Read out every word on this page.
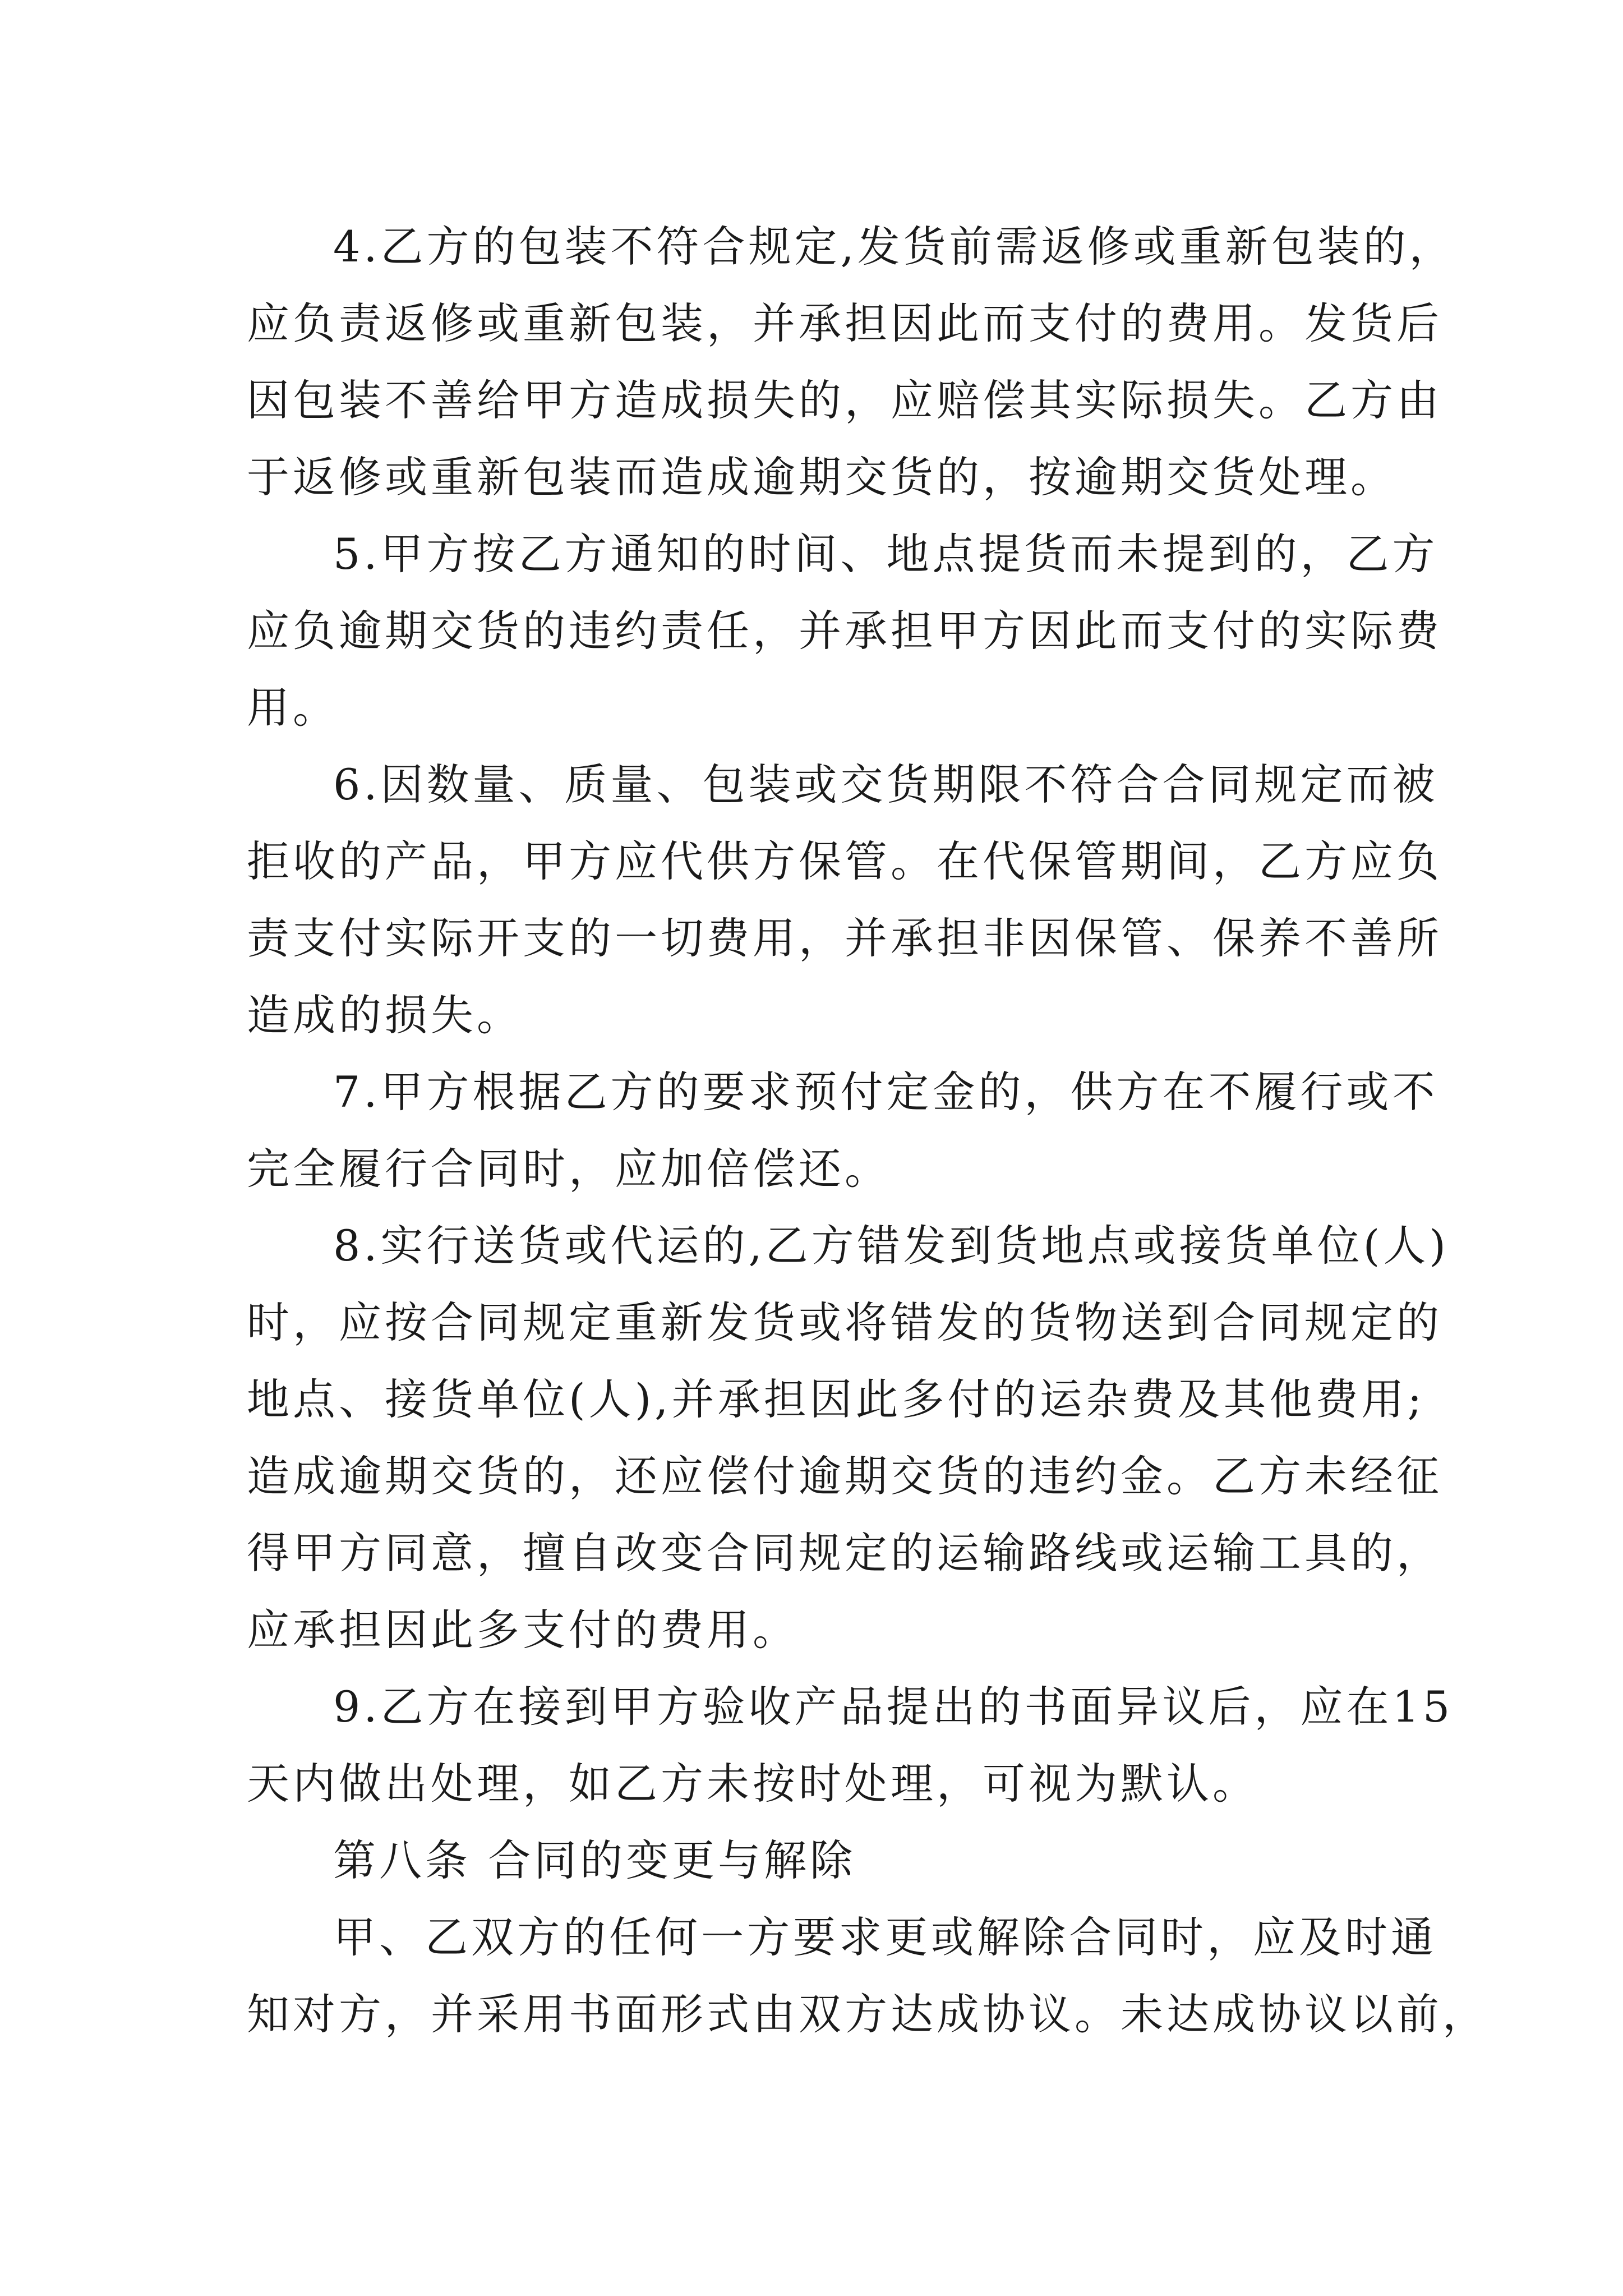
4.乙方的包装不符合规定,发货前需返修或重新包装的，
应负责返修或重新包装，并承担因此而支付的费用。发货后
因包装不善给甲方造成损失的，应赔偿其实际损失。乙方由
于返修或重新包装而造成逾期交货的，按逾期交货处理。
5.甲方按乙方通知的时间、地点提货而未提到的，乙方
应负逾期交货的违约责任，并承担甲方因此而支付的实际费
用。
6.因数量、质量、包装或交货期限不符合合同规定而被
拒收的产品，甲方应代供方保管。在代保管期间，乙方应负
责支付实际开支的一切费用，并承担非因保管、保养不善所
造成的损失。
7.甲方根据乙方的要求预付定金的，供方在不履行或不
完全履行合同时，应加倍偿还。
8.实行送货或代运的,乙方错发到货地点或接货单位(人)
时，应按合同规定重新发货或将错发的货物送到合同规定的
地点、接货单位(人),并承担因此多付的运杂费及其他费用;
造成逾期交货的，还应偿付逾期交货的违约金。乙方未经征
得甲方同意，擅自改变合同规定的运输路线或运输工具的，
应承担因此多支付的费用。
9.乙方在接到甲方验收产品提出的书面异议后，应在15
天内做出处理，如乙方未按时处理，可视为默认。
第八条 合同的变更与解除
甲、乙双方的任何一方要求更或解除合同时，应及时通
知对方，并采用书面形式由双方达成协议。未达成协议以前，
